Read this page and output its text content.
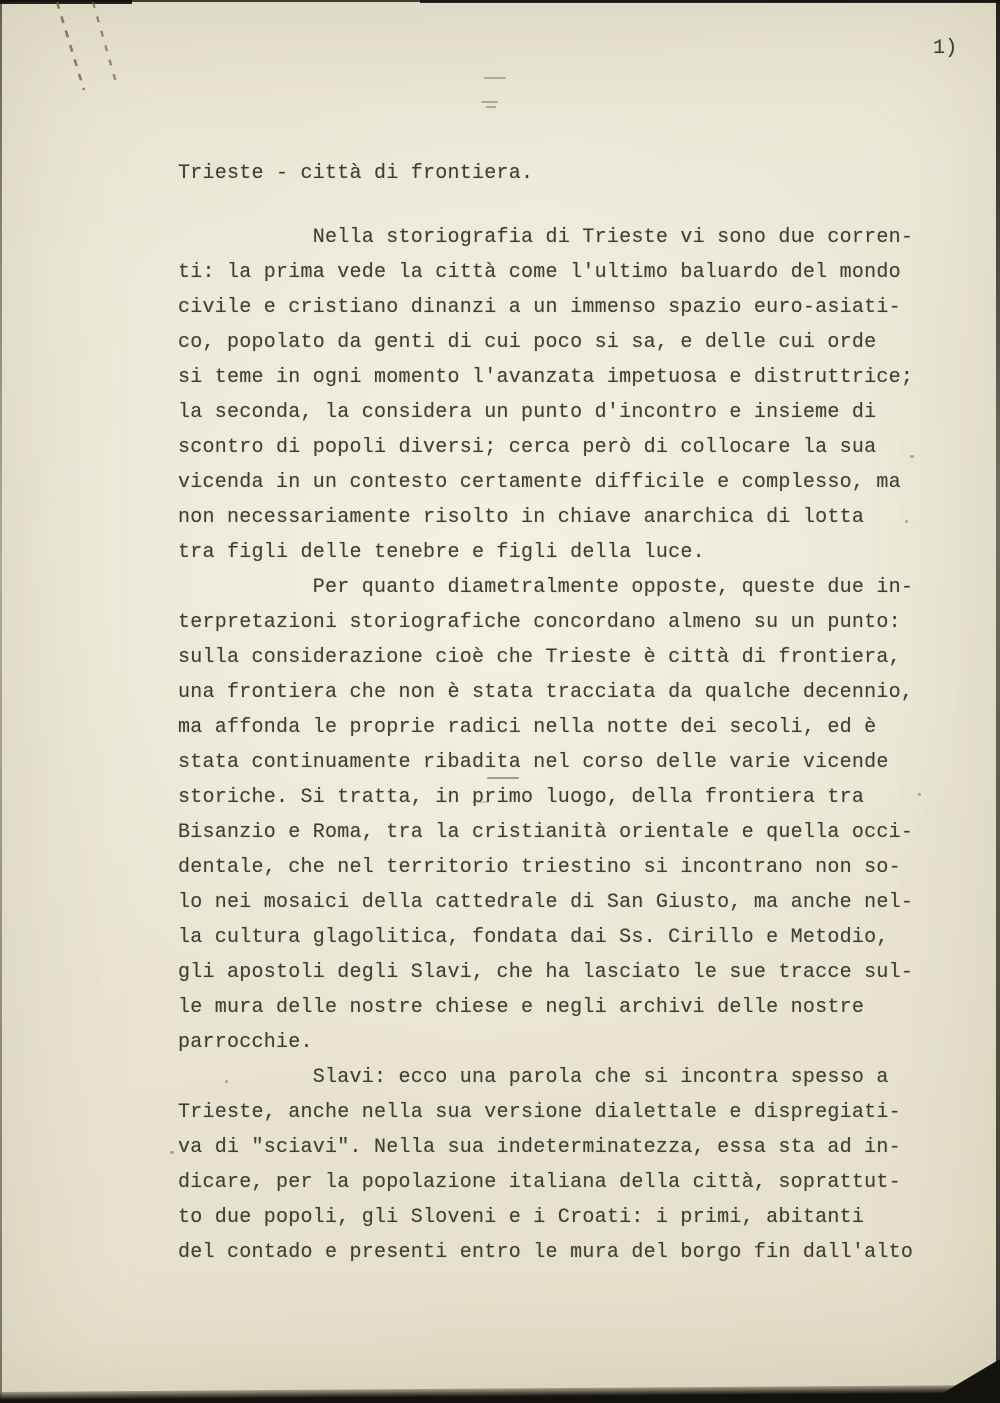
1)
Trieste - città di frontiera.
Nella storiografia di Trieste vi sono due corren-
ti: la prima vede la città come l'ultimo baluardo del mondo
civile e cristiano dinanzi a un immenso spazio euro-asiati-
co, popolato da genti di cui poco si sa, e delle cui orde
si teme in ogni momento l'avanzata impetuosa e distruttrice;
la seconda, la considera un punto d'incontro e insieme di
scontro di popoli diversi; cerca però di collocare la sua
vicenda in un contesto certamente difficile e complesso, ma
non necessariamente risolto in chiave anarchica di lotta
tra figli delle tenebre e figli della luce.
Per quanto diametralmente opposte, queste due in-
terpretazioni storiografiche concordano almeno su un punto:
sulla considerazione cioè che Trieste è città di frontiera,
una frontiera che non è stata tracciata da qualche decennio,
ma affonda le proprie radici nella notte dei secoli, ed è
stata continuamente ribadita nel corso delle varie vicende
storiche. Si tratta, in primo luogo, della frontiera tra
Bisanzio e Roma, tra la cristianità orientale e quella occi-
dentale, che nel territorio triestino si incontrano non so-
lo nei mosaici della cattedrale di San Giusto, ma anche nel-
la cultura glagolitica, fondata dai Ss. Cirillo e Metodio,
gli apostoli degli Slavi, che ha lasciato le sue tracce sul-
le mura delle nostre chiese e negli archivi delle nostre
parrocchie.
Slavi: ecco una parola che si incontra spesso a
Trieste, anche nella sua versione dialettale e dispregiati-
va di "sciavi". Nella sua indeterminatezza, essa sta ad in-
dicare, per la popolazione italiana della città, soprattut-
to due popoli, gli Sloveni e i Croati: i primi, abitanti
del contado e presenti entro le mura del borgo fin dall'alto
